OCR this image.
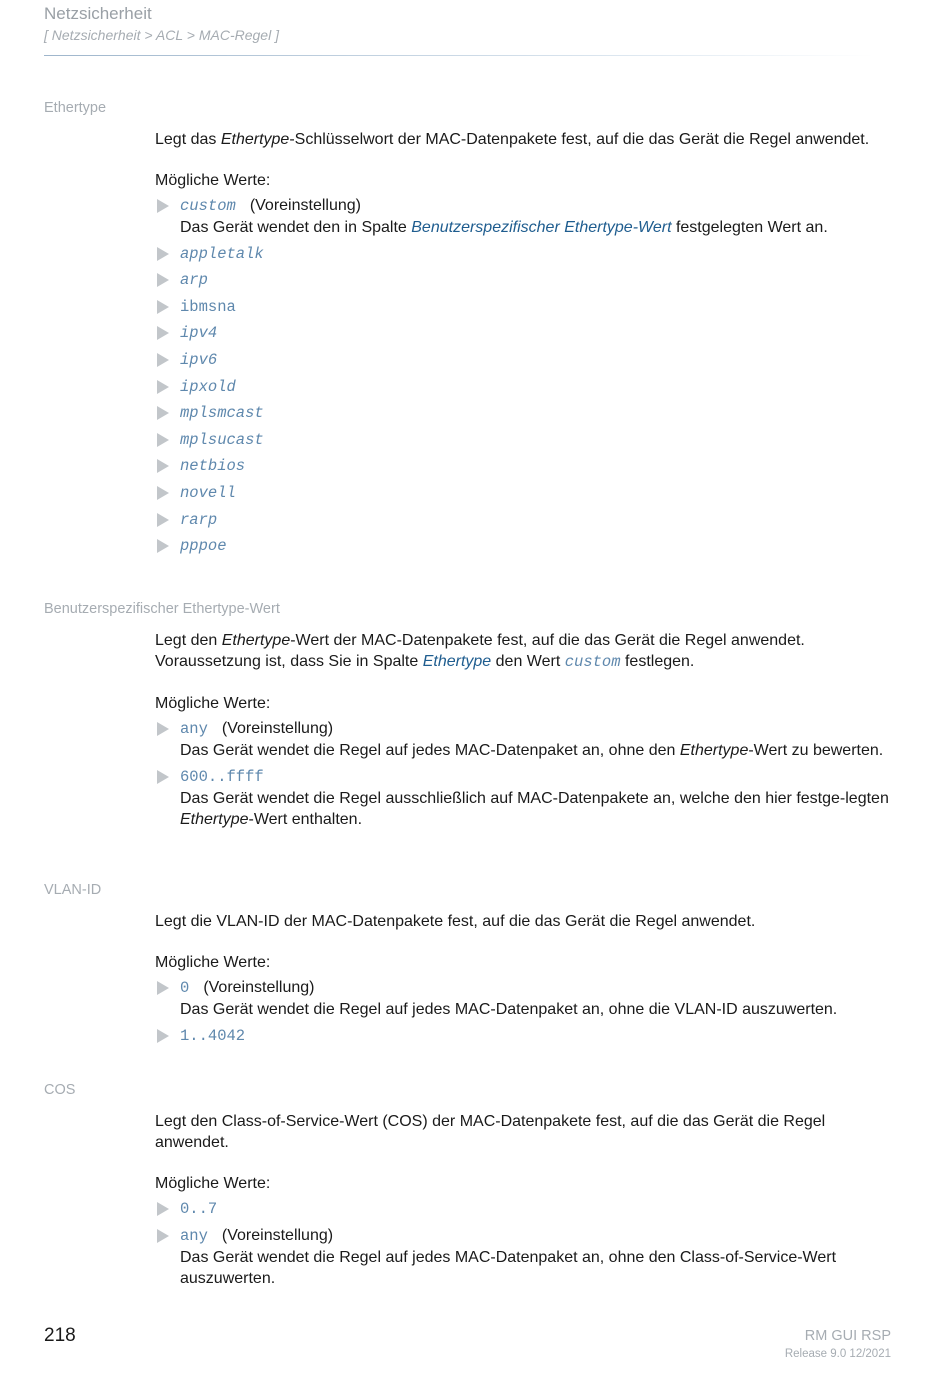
Netzsicherheit
[ Netzsicherheit > ACL > MAC-Regel ]
Ethertype

Legt das Ethertype-Schlüsselwort der MAC-Datenpakete fest, auf die das Gerät die Regel anwendet.

Mögliche Werte:

custom (Voreinstellung)
Das Gerät wendet den in Spalte Benutzerspezifischer Ethertype-Wert festgelegten Wert an.
appletalk
arp
ibmsna
ipv4
ipv6
ipxold
mplsmcast
mplsucast
netbios
novell
rarp
pppoe
Benutzerspezifischer Ethertype-Wert

Legt den Ethertype-Wert der MAC-Datenpakete fest, auf die das Gerät die Regel anwendet.
Voraussetzung ist, dass Sie in Spalte Ethertype den Wert custom festlegen.

Mögliche Werte:

any (Voreinstellung)
Das Gerät wendet die Regel auf jedes MAC-Datenpaket an, ohne den Ethertype-Wert zu bewerten.
600..ffff
Das Gerät wendet die Regel ausschließlich auf MAC-Datenpakete an, welche den hier festge-legten Ethertype-Wert enthalten.
VLAN-ID

Legt die VLAN-ID der MAC-Datenpakete fest, auf die das Gerät die Regel anwendet.

Mögliche Werte:

0 (Voreinstellung)
Das Gerät wendet die Regel auf jedes MAC-Datenpaket an, ohne die VLAN-ID auszuwerten.
1..4042
COS

Legt den Class-of-Service-Wert (COS) der MAC-Datenpakete fest, auf die das Gerät die Regel anwendet.

Mögliche Werte:

0..7
any (Voreinstellung)
Das Gerät wendet die Regel auf jedes MAC-Datenpaket an, ohne den Class-of-Service-Wert auszuwerten.
218	RM GUI RSP
Release 9.0 12/2021
